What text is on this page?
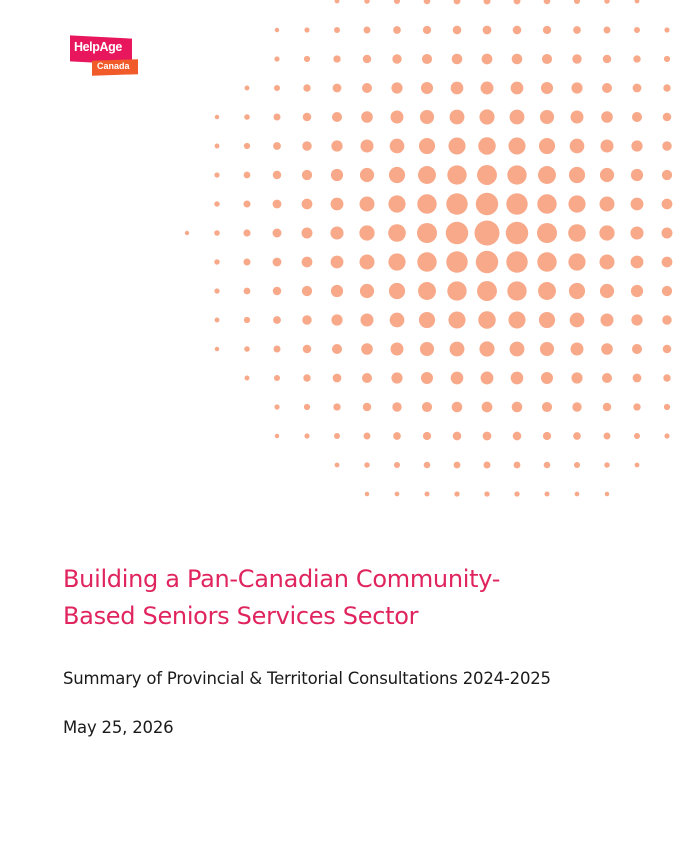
HelpAge
Canada
Building a Pan-Canadian Community-
Based Seniors Services Sector

Summary of Provincial & Territorial Consultations 2024-2025

May 25, 2026
